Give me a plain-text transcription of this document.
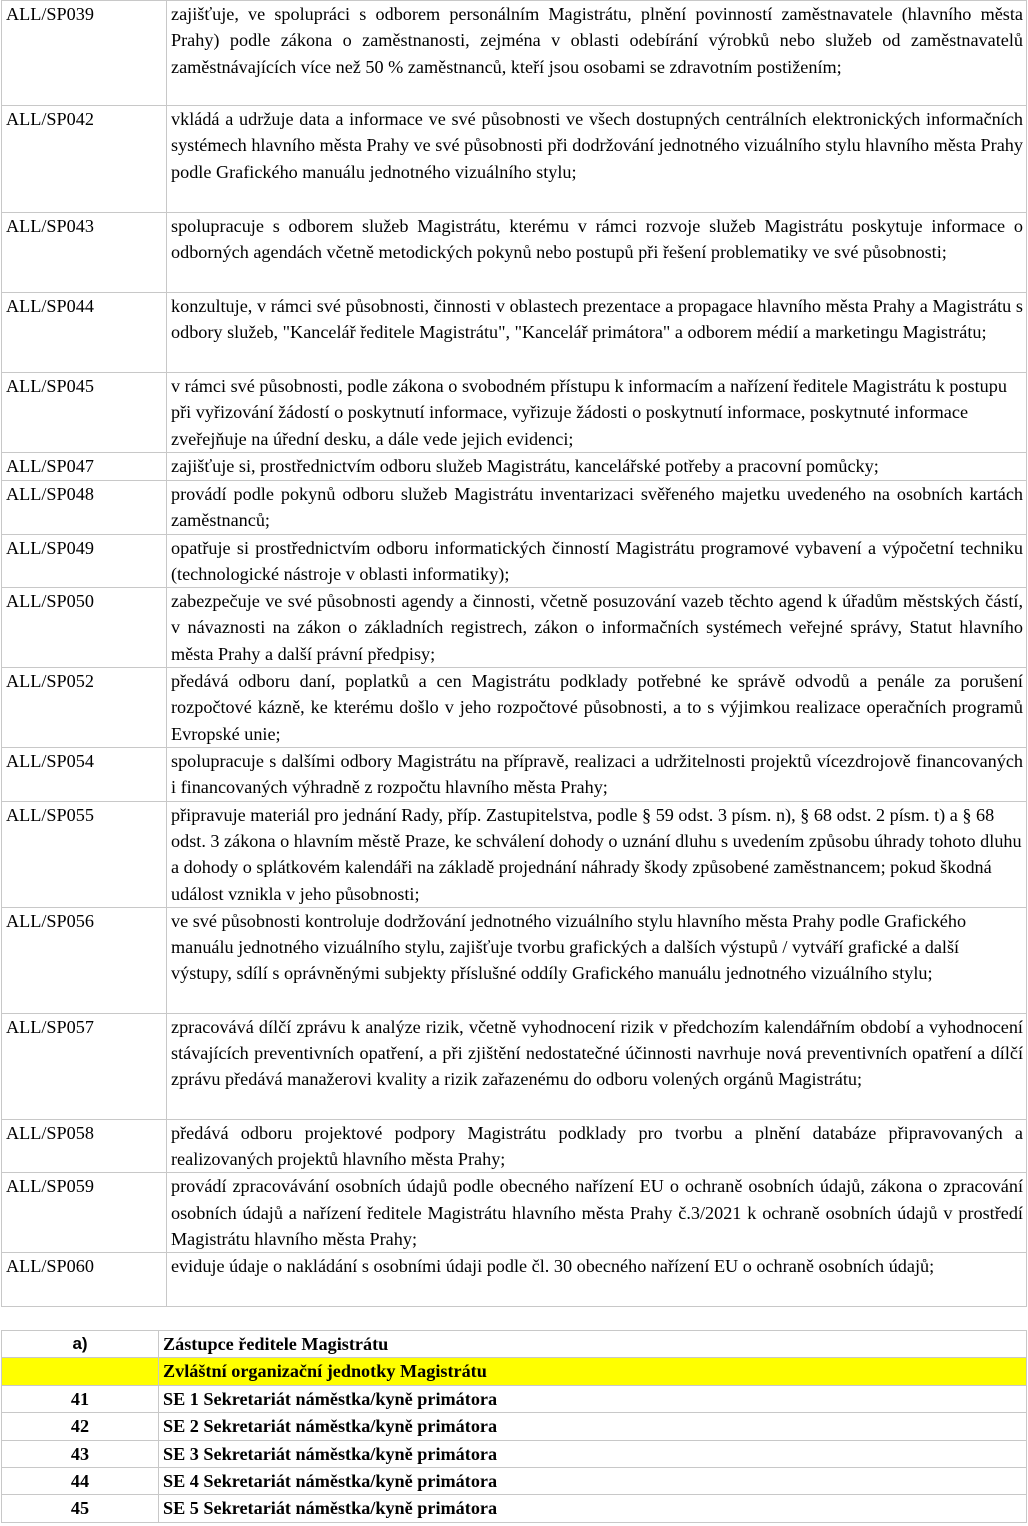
ALL/SP039	zajišťuje, ve spolupráci s odborem personálním Magistrátu, plnění povinností zaměstnavatele (hlavního města Prahy) podle zákona o zaměstnanosti, zejména v oblasti odebírání výrobků nebo služeb od zaměstnavatelů zaměstnávajících více než 50 % zaměstnanců, kteří jsou osobami se zdravotním postižením;
ALL/SP042	vkládá a udržuje data a informace ve své působnosti ve všech dostupných centrálních elektronických informačních systémech hlavního města Prahy ve své působnosti při dodržování jednotného vizuálního stylu hlavního města Prahy podle Grafického manuálu jednotného vizuálního stylu;
ALL/SP043	spolupracuje s odborem služeb Magistrátu, kterému v rámci rozvoje služeb Magistrátu poskytuje informace o odborných agendách včetně metodických pokynů nebo postupů při řešení problematiky ve své působnosti;
ALL/SP044	konzultuje, v rámci své působnosti, činnosti v oblastech prezentace a propagace hlavního města Prahy a Magistrátu s odbory služeb, "Kancelář ředitele Magistrátu", "Kancelář primátora" a odborem médií a marketingu Magistrátu;
ALL/SP045	v rámci své působnosti, podle zákona o svobodném přístupu k informacím a nařízení ředitele Magistrátu k postupu při vyřizování žádostí o poskytnutí informace, vyřizuje žádosti o poskytnutí informace, poskytnuté informace zveřejňuje na úřední desku, a dále vede jejich evidenci;
ALL/SP047	zajišťuje si, prostřednictvím odboru služeb Magistrátu, kancelářské potřeby a pracovní pomůcky;
ALL/SP048	provádí podle pokynů odboru služeb Magistrátu inventarizaci svěřeného majetku uvedeného na osobních kartách zaměstnanců;
ALL/SP049	opatřuje si prostřednictvím odboru informatických činností Magistrátu programové vybavení a výpočetní techniku (technologické nástroje v oblasti informatiky);
ALL/SP050	zabezpečuje ve své působnosti agendy a činnosti, včetně posuzování vazeb těchto agend k úřadům městských částí, v návaznosti na zákon o základních registrech, zákon o informačních systémech veřejné správy, Statut hlavního města Prahy a další právní předpisy;
ALL/SP052	předává odboru daní, poplatků a cen Magistrátu podklady potřebné ke správě odvodů a penále za porušení rozpočtové kázně, ke kterému došlo v jeho rozpočtové působnosti, a to s výjimkou realizace operačních programů Evropské unie;
ALL/SP054	spolupracuje s dalšími odbory Magistrátu na přípravě, realizaci a udržitelnosti projektů vícezdrojově financovaných i financovaných výhradně z rozpočtu hlavního města Prahy;
ALL/SP055	připravuje materiál pro jednání Rady, příp. Zastupitelstva, podle § 59 odst. 3 písm. n), § 68 odst. 2 písm. t) a § 68 odst. 3 zákona o hlavním městě Praze, ke schválení dohody o uznání dluhu s uvedením způsobu úhrady tohoto dluhu a dohody o splátkovém kalendáři na základě projednání náhrady škody způsobené zaměstnancem; pokud škodná událost vznikla v jeho působnosti;
ALL/SP056	ve své působnosti kontroluje dodržování jednotného vizuálního stylu hlavního města Prahy podle Grafického manuálu jednotného vizuálního stylu, zajišťuje tvorbu grafických a dalších výstupů / vytváří grafické a další výstupy, sdílí s oprávněnými subjekty příslušné oddíly Grafického manuálu jednotného vizuálního stylu;
ALL/SP057	zpracovává dílčí zprávu k analýze rizik, včetně vyhodnocení rizik v předchozím kalendářním období a vyhodnocení stávajících preventivních opatření, a při zjištění nedostatečné účinnosti navrhuje nová preventivních opatření a dílčí zprávu předává manažerovi kvality a rizik zařazenému do odboru volených orgánů Magistrátu;
ALL/SP058	předává odboru projektové podpory Magistrátu podklady pro tvorbu a plnění databáze připravovaných a realizovaných projektů hlavního města Prahy;
ALL/SP059	provádí zpracovávání osobních údajů podle obecného nařízení EU o ochraně osobních údajů, zákona o zpracování osobních údajů a nařízení ředitele Magistrátu hlavního města Prahy č.3/2021 k ochraně osobních údajů v prostředí Magistrátu hlavního města Prahy;
ALL/SP060	eviduje údaje o nakládání s osobními údaji podle čl. 30 obecného nařízení EU o ochraně osobních údajů;
a)	Zástupce ředitele Magistrátu
	Zvláštní organizační jednotky Magistrátu
41	SE 1 Sekretariát náměstka/kyně primátora
42	SE 2 Sekretariát náměstka/kyně primátora
43	SE 3 Sekretariát náměstka/kyně primátora
44	SE 4 Sekretariát náměstka/kyně primátora
45	SE 5 Sekretariát náměstka/kyně primátora
